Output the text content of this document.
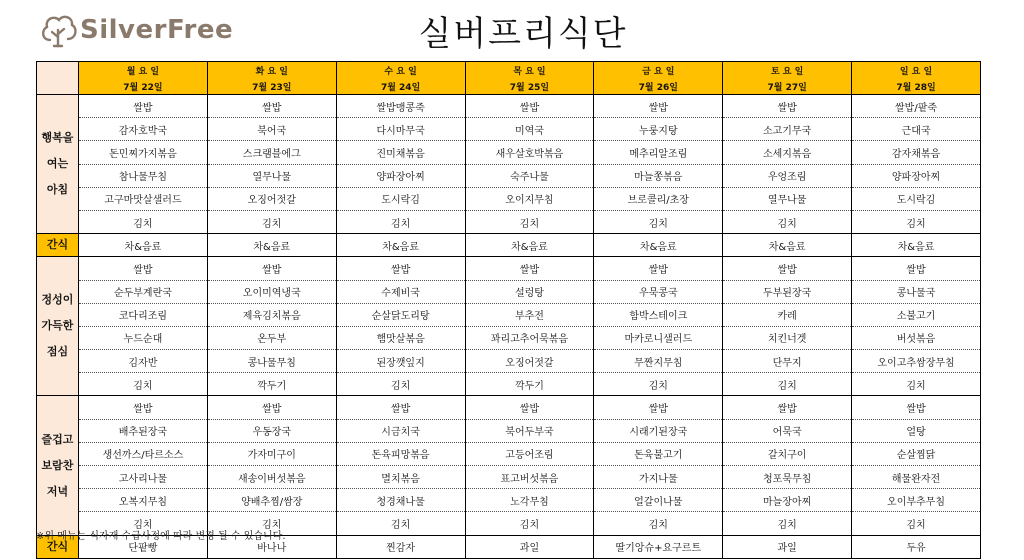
SilverFree	실버프리식단
	월 요 일	화 요 일	수 요 일	목 요 일	금 요 일	토 요 일	일 요 일
	7월 22일	7월 23일	7월 24일	7월 25일	7월 26일	7월 27일	7월 28일

행복을
여는
아침	쌀밥	쌀밥	쌀밥맹콩죽	쌀밥	쌀밥	쌀밥	쌀밥/팥죽
	감자호박국	북어국	다시마무국	미역국	누룽지탕	소고기무국	근대국
	돈민찌가지볶음	스크램블에그	진미채볶음	새우살호박볶음	메추리알조림	소세지볶음	감자채볶음
	참나물무침	열무나물	양파장아찌	숙주나물	마늘쫑볶음	우엉조림	양파장아찌
	고구마맛살샐러드	오징어젓갈	도시락김	오이지무침	브로콜리/초장	열무나물	도시락김
	김치	김치	김치	김치	김치	김치	김치
간식	차&음료	차&음료	차&음료	차&음료	차&음료	차&음료	차&음료

정성이
가득한
점심	쌀밥	쌀밥	쌀밥	쌀밥	쌀밥	쌀밥	쌀밥
	순두부계란국	오이미역냉국	수제비국	설렁탕	우묵콩국	두부된장국	콩나물국
	코다리조림	제육김치볶음	순살닭도리탕	부추전	함박스테이크	카레	소불고기
	누드순대	온두부	햄맛살볶음	꽈리고추어묵볶음	마카로니샐러드	치킨너겟	버섯볶음
	김자반	콩나물무침	된장깻잎지	오징어젓갈	무짠지무침	단무지	오이고추쌈장무침
	김치	깍두기	김치	깍두기	김치	김치	김치

즐겁고
보람찬
저녁	쌀밥	쌀밥	쌀밥	쌀밥	쌀밥	쌀밥	쌀밥
	배추된장국	우동장국	시금치국	북어두부국	시래기된장국	어묵국	얼탕
	생선까스/타르소스	가자미구이	돈육피망볶음	고등어조림	돈육불고기	갈치구이	순살찜닭
	고사리나물	새송이버섯볶음	멸치볶음	표고버섯볶음	가지나물	청포묵무침	해물완자전
	오복지무침	양배추찜/쌈장	청경채나물	노각무침	얼갈이나물	마늘장아찌	오이부추무침
	김치	김치	김치	김치	김치	김치	김치
간식	단팥빵	바나나	찐감자	과일	딸기앙슈+요구르트	과일	두유
※위 메뉴는 식자재 수급사정에 따라 변경 될 수 있습니다.
